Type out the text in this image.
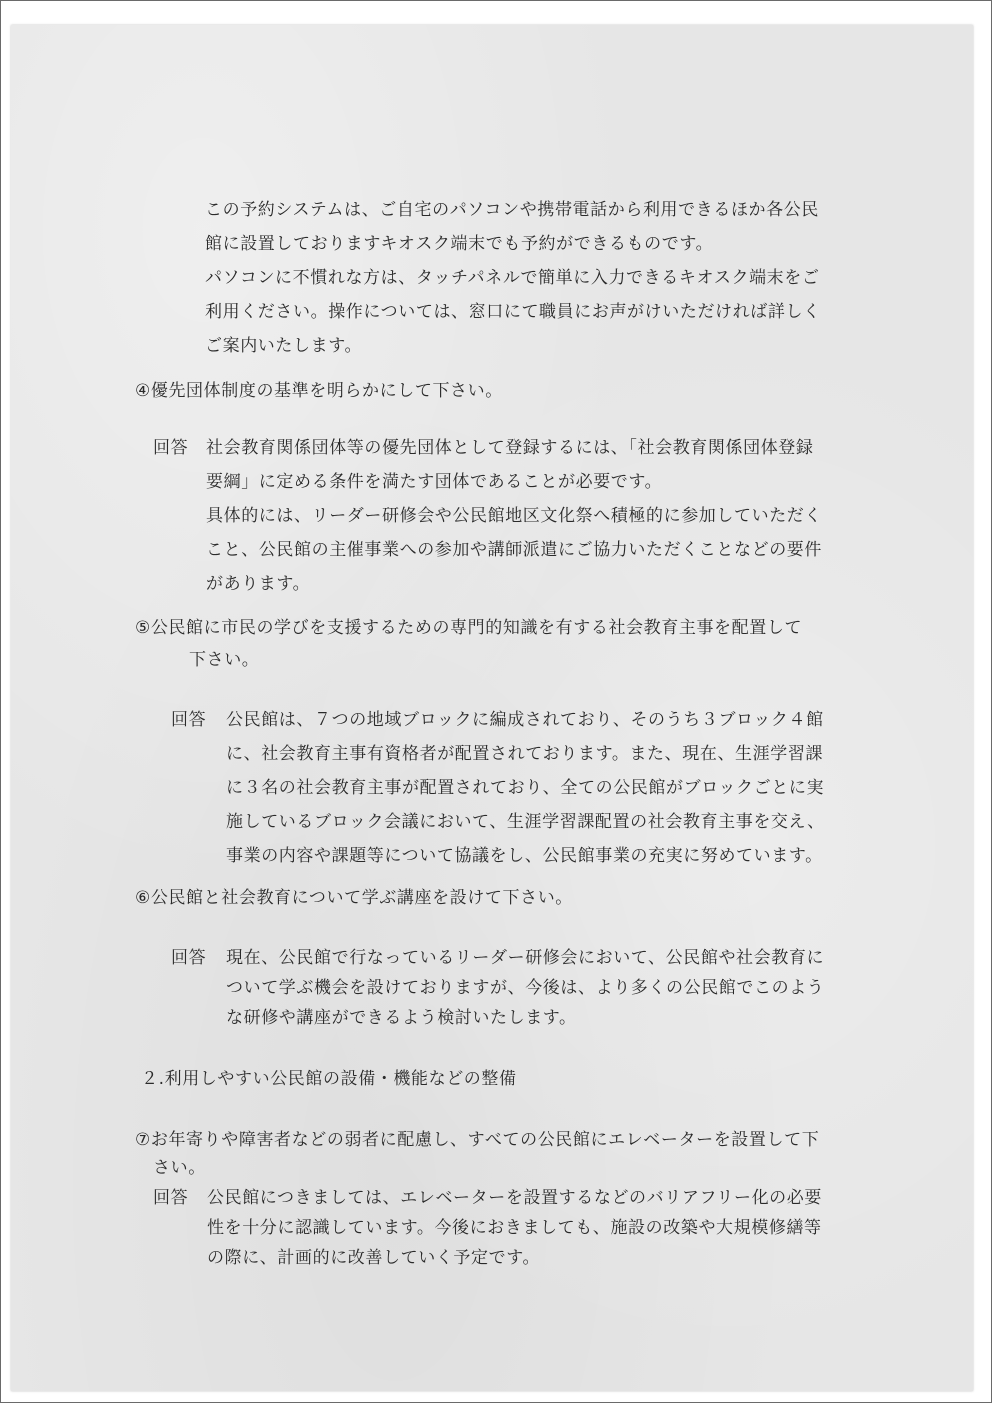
この予約システムは、ご自宅のパソコンや携帯電話から利用できるほか各公民
館に設置しておりますキオスク端末でも予約ができるものです。
パソコンに不慣れな方は、タッチパネルで簡単に入力できるキオスク端末をご
利用ください。操作については、窓口にて職員にお声がけいただければ詳しく
ご案内いたします。
④優先団体制度の基準を明らかにして下さい。
回答 社会教育関係団体等の優先団体として登録するには、「社会教育関係団体登録
要綱」に定める条件を満たす団体であることが必要です。
具体的には、リーダー研修会や公民館地区文化祭へ積極的に参加していただく
こと、公民館の主催事業への参加や講師派遣にご協力いただくことなどの要件
があります。
⑤公民館に市民の学びを支援するための専門的知識を有する社会教育主事を配置して
下さい。
回答 公民館は、７つの地域ブロックに編成されており、そのうち３ブロック４館
に、社会教育主事有資格者が配置されております。また、現在、生涯学習課
に３名の社会教育主事が配置されており、全ての公民館がブロックごとに実
施しているブロック会議において、生涯学習課配置の社会教育主事を交え、
事業の内容や課題等について協議をし、公民館事業の充実に努めています。
⑥公民館と社会教育について学ぶ講座を設けて下さい。
回答 現在、公民館で行なっているリーダー研修会において、公民館や社会教育に
ついて学ぶ機会を設けておりますが、今後は、より多くの公民館でこのよう
な研修や講座ができるよう検討いたします。
２.利用しやすい公民館の設備・機能などの整備
⑦お年寄りや障害者などの弱者に配慮し、すべての公民館にエレベーターを設置して下
さい。
回答 公民館につきましては、エレベーターを設置するなどのバリアフリー化の必要
性を十分に認識しています。今後におきましても、施設の改築や大規模修繕等
の際に、計画的に改善していく予定です。
